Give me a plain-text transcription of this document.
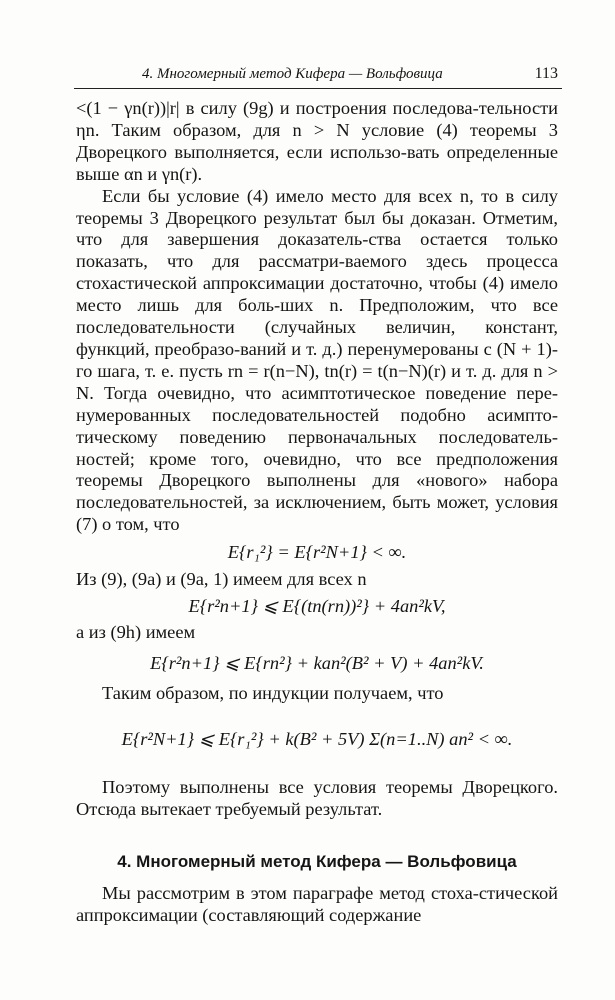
4. Многомерный метод Кифера — Вольфовица	113

<(1 − γn(r))|r| в силу (9g) и построения последова-тельности ηn. Таким образом, для n > N условие (4) теоремы 3 Дворецкого выполняется, если использо-вать определенные выше αn и γn(r).

Если бы условие (4) имело место для всех n, то в силу теоремы 3 Дворецкого результат был бы доказан. Отметим, что для завершения доказатель-ства остается только показать, что для рассматри-ваемого здесь процесса стохастической аппроксимации достаточно, чтобы (4) имело место лишь для боль-ших n. Предположим, что все последовательности (случайных величин, констант, функций, преобразо-ваний и т. д.) перенумерованы с (N + 1)-го шага, т. е. пусть rn = r(n−N), tn(r) = t(n−N)(r) и т. д. для n > N. Тогда очевидно, что асимптотическое поведение пере-нумерованных последовательностей подобно асимпто-тическому поведению первоначальных последователь-ностей; кроме того, очевидно, что все предположения теоремы Дворецкого выполнены для «нового» набора последовательностей, за исключением, быть может, условия (7) о том, что

E{r₁²} = E{r²N+1} < ∞.

Из (9), (9a) и (9a, 1) имеем для всех n

E{r²n+1} ⩽ E{(tn(rn))²} + 4an²kV,

а из (9h) имеем

E{r²n+1} ⩽ E{rn²} + kan²(B² + V) + 4an²kV.

Таким образом, по индукции получаем, что

E{r²N+1} ⩽ E{r₁²} + k(B² + 5V) Σ(n=1..N) an² < ∞.

Поэтому выполнены все условия теоремы Дворецкого. Отсюда вытекает требуемый результат.

4. Многомерный метод Кифера — Вольфовица

Мы рассмотрим в этом параграфе метод стоха-стической аппроксимации (составляющий содержание
